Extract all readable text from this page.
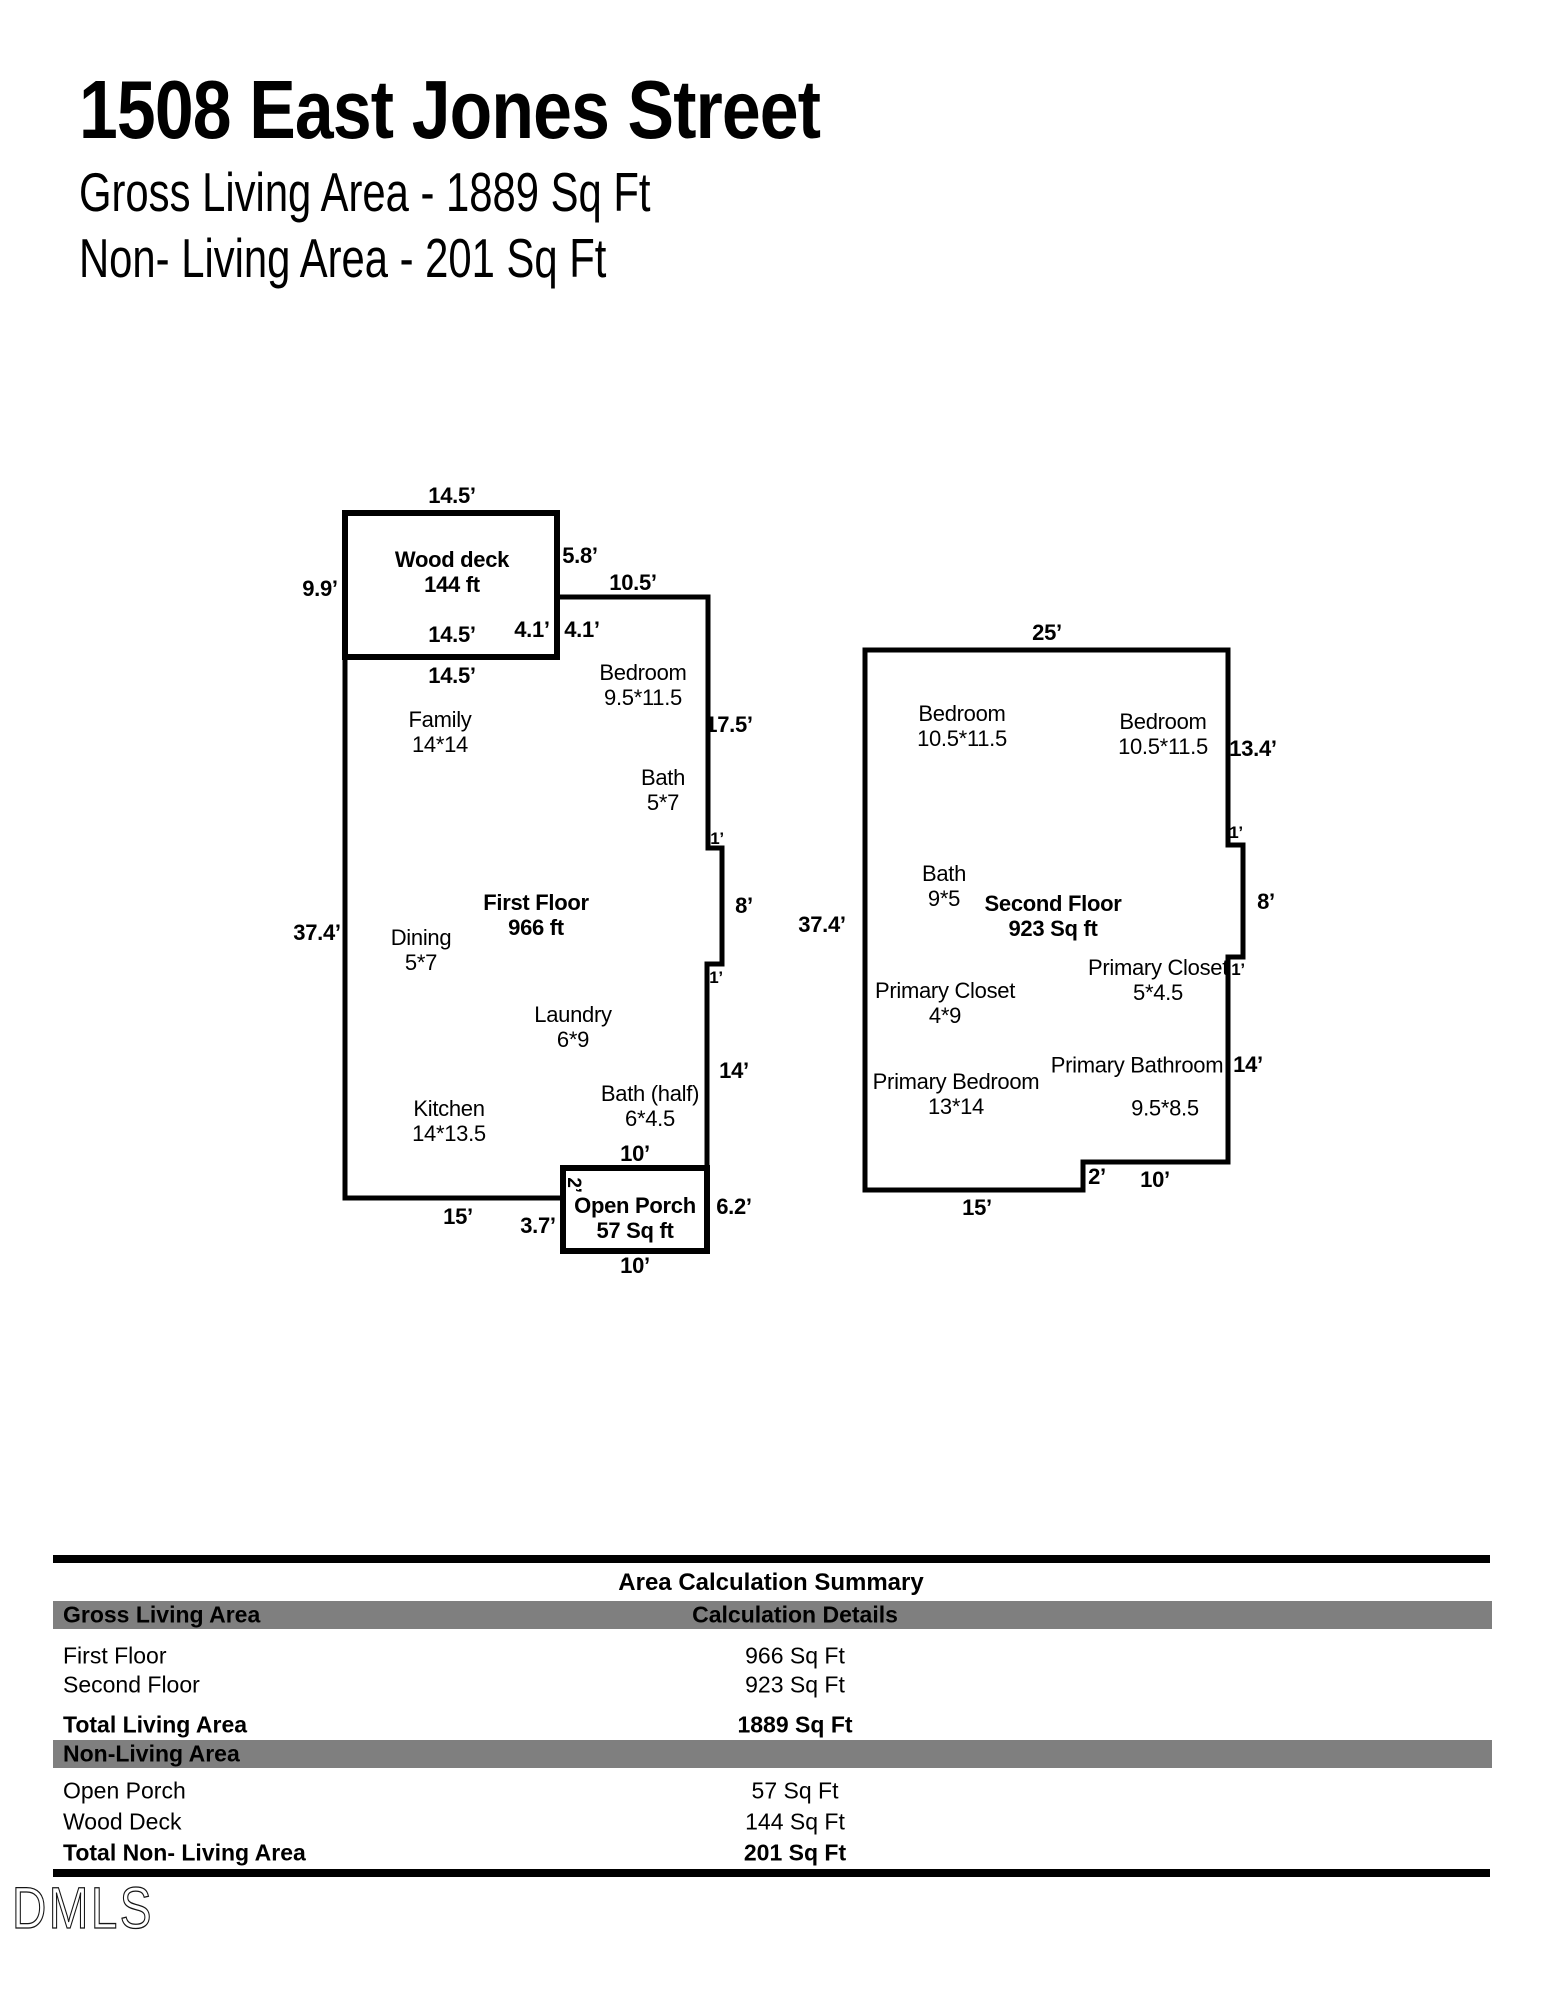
1508 East Jones Street
Gross Living Area - 1889 Sq Ft
Non- Living Area - 201 Sq Ft
DMLS
14.5’
9.9’
5.8’
10.5’
4.1’ 4.1’
14.5’
14.5’
17.5’
1’
8’
1’
14’
10’
6.2’
2’
3.7’
15’
10’
37.4’
Wood deck
144 ft
Bedroom
9.5*11.5
Family
14*14
Bath
5*7
Dining
5*7
First Floor
966 ft
Laundry
6*9
Kitchen
14*13.5
Bath (half)
6*4.5
Open Porch
57 Sq ft
25’
13.4’
1’
8’
1’
14’
10’
2’
15’
37.4’
Bedroom
10.5*11.5
Bedroom
10.5*11.5
Bath
9*5 Second Floor
923 Sq ft
Primary Closet
4*9
Primary Closet
5*4.5
Primary Bedroom
13*14
Primary Bathroom
9.5*8.5
Area Calculation Summary
Gross Living Area	Calculation Details
First Floor	966 Sq Ft
Second Floor	923 Sq Ft
Total Living Area	1889 Sq Ft
Non-Living Area
Open Porch	57 Sq Ft
Wood Deck	144 Sq Ft
Total Non- Living Area	201 Sq Ft
